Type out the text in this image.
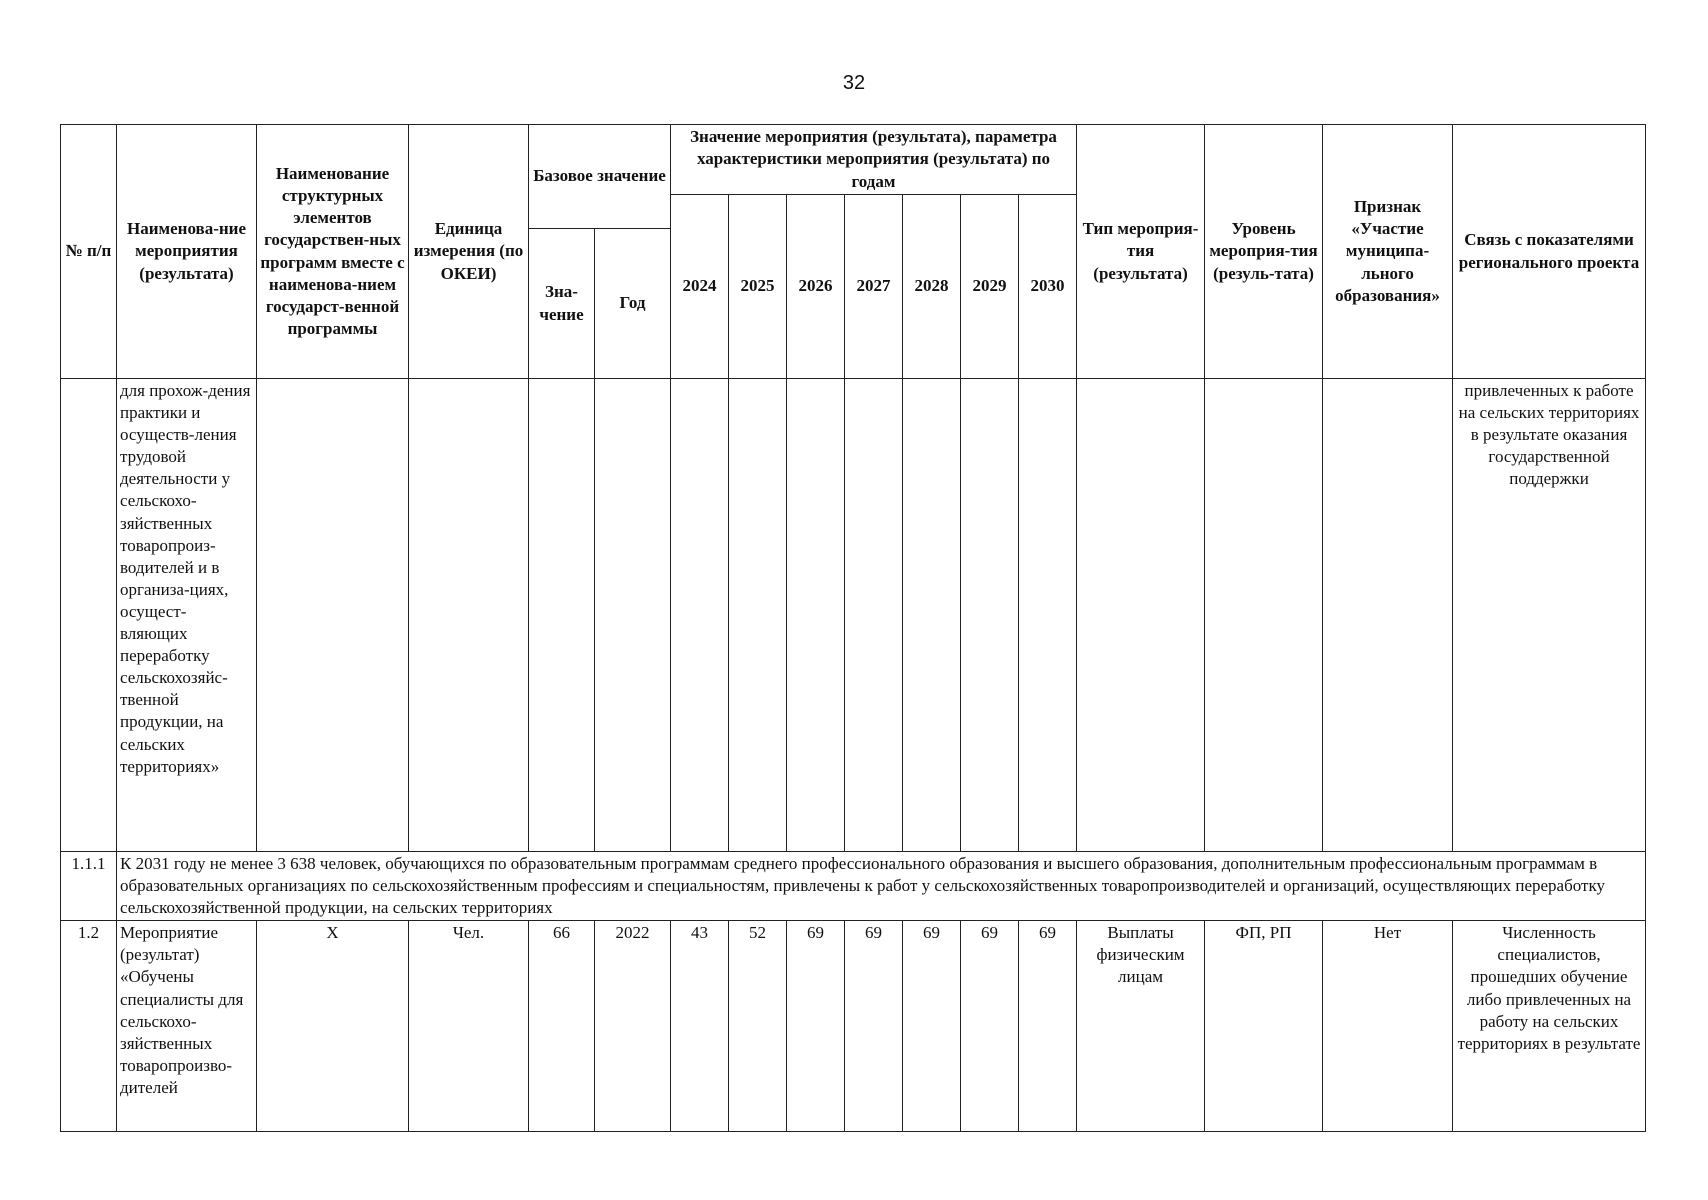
32
№ п/п	Наименова-ние мероприятия (результата)	Наименование структурных элементов государствен-ных программ вместе с наименова-нием государст-венной программы	Единица измерения (по ОКЕИ)	Базовое значение		Значение мероприятия (результата), параметра характеристики мероприятия (результата) по годам							Тип мероприя-тия (результата)	Уровень мероприя-тия (резуль-тата)	Признак «Участие муниципа-льного образования»	Связь с показателями регионального проекта
						2024	2025	2026	2027	2028	2029	2030				
				Зна-чение	Год											
	для прохож-дения практики и осуществ-ления трудовой деятельности у сельскохо-зяйственных товаропроиз-водителей и в организа-циях, осущест-вляющих переработку сельскохозяйс-твенной продукции, на сельских территориях»															привлеченных к работе на сельских территориях в результате оказания государственной поддержки
1.1.1	К 2031 году не менее 3 638 человек, обучающихся по образовательным программам среднего профессионального образования и высшего образования, дополнительным профессиональным программам в образовательных организациях по сельскохозяйственным профессиям и специальностям, привлечены к работ у сельскохозяйственных товаропроизводителей и организаций, осуществляющих переработку сельскохозяйственной продукции, на сельских территориях															
1.2	Мероприятие (результат) «Обучены специалисты для сельскохо-зяйственных товаропроизво-дителей	Х	Чел.	66	2022	43	52	69	69	69	69	69	Выплаты физическим лицам	ФП, РП	Нет	Численность специалистов, прошедших обучение либо привлеченных на работу на сельских территориях в результате
